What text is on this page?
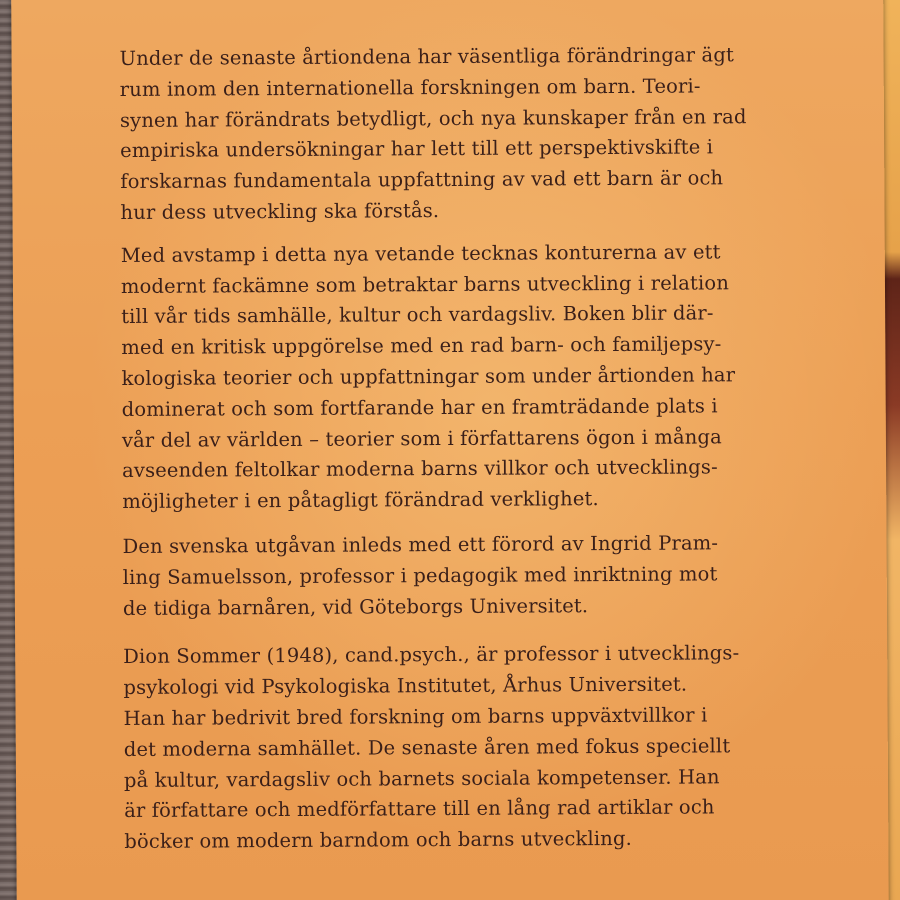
Under de senaste årtiondena har väsentliga förändringar ägt
rum inom den internationella forskningen om barn. Teori-
synen har förändrats betydligt, och nya kunskaper från en rad
empiriska undersökningar har lett till ett perspektivskifte i
forskarnas fundamentala uppfattning av vad ett barn är och
hur dess utveckling ska förstås.
Med avstamp i detta nya vetande tecknas konturerna av ett
modernt fackämne som betraktar barns utveckling i relation
till vår tids samhälle, kultur och vardagsliv. Boken blir där-
med en kritisk uppgörelse med en rad barn- och familjepsy-
kologiska teorier och uppfattningar som under årtionden har
dominerat och som fortfarande har en framträdande plats i
vår del av världen – teorier som i författarens ögon i många
avseenden feltolkar moderna barns villkor och utvecklings-
möjligheter i en påtagligt förändrad verklighet.
Den svenska utgåvan inleds med ett förord av Ingrid Pram-
ling Samuelsson, professor i pedagogik med inriktning mot
de tidiga barnåren, vid Göteborgs Universitet.
Dion Sommer (1948), cand.psych., är professor i utvecklings-
psykologi vid Psykologiska Institutet, Århus Universitet.
Han har bedrivit bred forskning om barns uppväxtvillkor i
det moderna samhället. De senaste åren med fokus speciellt
på kultur, vardagsliv och barnets sociala kompetenser. Han
är författare och medförfattare till en lång rad artiklar och
böcker om modern barndom och barns utveckling.
